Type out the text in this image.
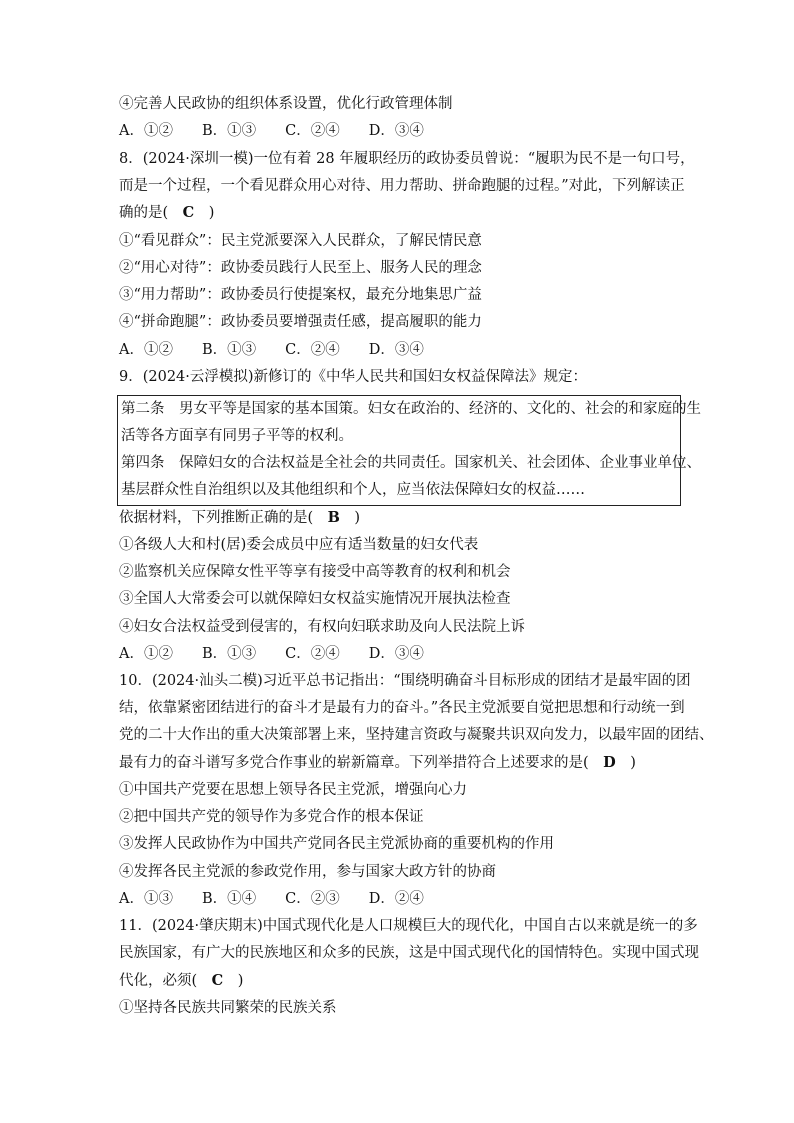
④完善人民政协的组织体系设置，优化行政管理体制
A．①②　　B．①③　　C．②④　　D．③④
8．(2024·深圳一模)一位有着 28 年履职经历的政协委员曾说：“履职为民不是一句口号，
而是一个过程，一个看见群众用心对待、用力帮助、拼命跑腿的过程。”对此，下列解读正
确的是(　C　)
①“看见群众”：民主党派要深入人民群众，了解民情民意
②“用心对待”：政协委员践行人民至上、服务人民的理念
③“用力帮助”：政协委员行使提案权，最充分地集思广益
④“拼命跑腿”：政协委员要增强责任感，提高履职的能力
A．①②　　B．①③　　C．②④　　D．③④
9．(2024·云浮模拟)新修订的《中华人民共和国妇女权益保障法》规定：
第二条　男女平等是国家的基本国策。妇女在政治的、经济的、文化的、社会的和家庭的生
活等各方面享有同男子平等的权利。
第四条　保障妇女的合法权益是全社会的共同责任。国家机关、社会团体、企业事业单位、
基层群众性自治组织以及其他组织和个人，应当依法保障妇女的权益……
依据材料，下列推断正确的是(　B　)
①各级人大和村(居)委会成员中应有适当数量的妇女代表
②监察机关应保障女性平等享有接受中高等教育的权利和机会
③全国人大常委会可以就保障妇女权益实施情况开展执法检查
④妇女合法权益受到侵害的，有权向妇联求助及向人民法院上诉
A．①②　　B．①③　　C．②④　　D．③④
10．(2024·汕头二模)习近平总书记指出：“围绕明确奋斗目标形成的团结才是最牢固的团
结，依靠紧密团结进行的奋斗才是最有力的奋斗。”各民主党派要自觉把思想和行动统一到
党的二十大作出的重大决策部署上来，坚持建言资政与凝聚共识双向发力，以最牢固的团结、
最有力的奋斗谱写多党合作事业的崭新篇章。下列举措符合上述要求的是(　D　)
①中国共产党要在思想上领导各民主党派，增强向心力
②把中国共产党的领导作为多党合作的根本保证
③发挥人民政协作为中国共产党同各民主党派协商的重要机构的作用
④发挥各民主党派的参政党作用，参与国家大政方针的协商
A．①③　　B．①④　　C．②③　　D．②④
11．(2024·肇庆期末)中国式现代化是人口规模巨大的现代化，中国自古以来就是统一的多
民族国家，有广大的民族地区和众多的民族，这是中国式现代化的国情特色。实现中国式现
代化，必须(　C　)
①坚持各民族共同繁荣的民族关系
